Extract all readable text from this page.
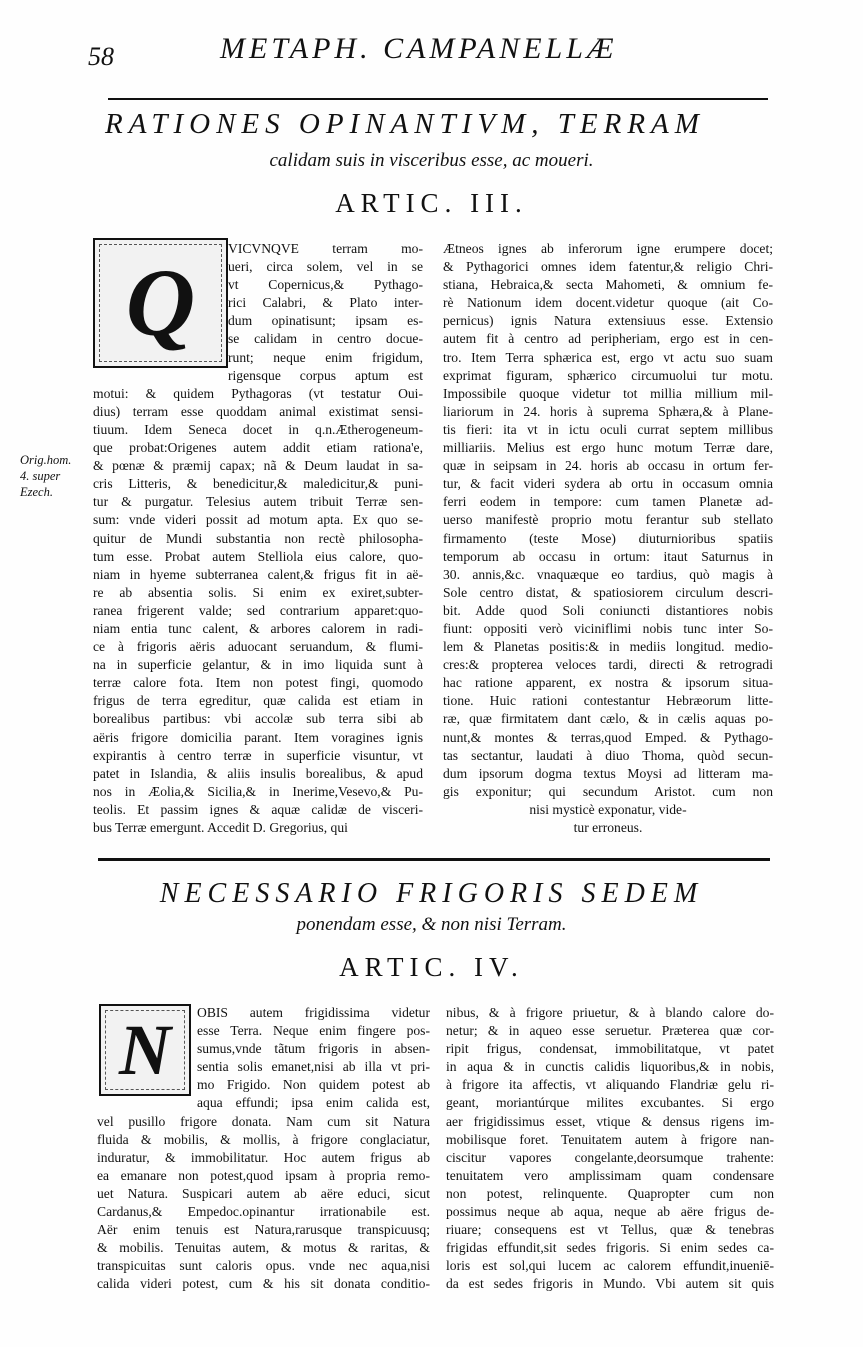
58	METAPH. CAMPANELLÆ
RATIONES OPINANTIVM, TERRAM
calidam suis in visceribus esse, ac moueri.
ARTIC. III.
Q
Orig.hom.
4. super
Ezech.
VICVNQVE terram mo-
ueri, circa solem, vel in se
vt Copernicus,& Pythago-
rici Calabri, & Plato inter-
dum opinatisunt; ipsam es-
se calidam in centro docue-
runt; neque enim frigidum,
rigensque corpus aptum est
motui: & quidem Pythagoras (vt testatur Oui-
dius) terram esse quoddam animal existimat sensi-
tiuum. Idem Seneca docet in q.n.Ætherogeneum-
que probat:Origenes autem addit etiam rationa'e,
& pœnæ & præmij capax; nã & Deum laudat in sa-
cris Litteris, & benedicitur,& maledicitur,& puni-
tur & purgatur. Telesius autem tribuit Terræ sen-
sum: vnde videri possit ad motum apta. Ex quo se-
quitur de Mundi substantia non rectè philosopha-
tum esse. Probat autem Stelliola eius calore, quo-
niam in hyeme subterranea calent,& frigus fit in aë-
re ab absentia solis. Si enim ex exiret,subter-
ranea frigerent valde; sed contrarium apparet:quo-
niam entia tunc calent, & arbores calorem in radi-
ce à frigoris aëris aduocant seruandum, & flumi-
na in superficie gelantur, & in imo liquida sunt à
terræ calore fota. Item non potest fingi, quomodo
frigus de terra egreditur, quæ calida est etiam in
borealibus partibus: vbi accolæ sub terra sibi ab
aëris frigore domicilia parant. Item voragines ignis
expirantis à centro terræ in superficie visuntur, vt
patet in Islandia, & aliis insulis borealibus, & apud
nos in Æolia,& Sicilia,& in Inerime,Vesevo,& Pu-
teolis. Et passim ignes & aquæ calidæ de visceri-
bus Terræ emergunt. Accedit D. Gregorius, qui
Ætneos ignes ab inferorum igne erumpere docet;
& Pythagorici omnes idem fatentur,& religio Chri-
stiana, Hebraica,& secta Mahometi, & omnium fe-
rè Nationum idem docent.videtur quoque (ait Co-
pernicus) ignis Natura extensiuus esse. Extensio
autem fit à centro ad peripheriam, ergo est in cen-
tro. Item Terra sphærica est, ergo vt actu suo suam
exprimat figuram, sphærico circumuolui tur motu.
Impossibile quoque videtur tot millia millium mil-
liariorum in 24. horis à suprema Sphæra,& à Plane-
tis fieri: ita vt in ictu oculi currat septem millibus
milliariis. Melius est ergo hunc motum Terræ dare,
quæ in seipsam in 24. horis ab occasu in ortum fer-
tur, & facit videri sydera ab ortu in occasum omnia
ferri eodem in tempore: cum tamen Planetæ ad-
uerso manifestè proprio motu ferantur sub stellato
firmamento (teste Mose) diuturnioribus spatiis
temporum ab occasu in ortum: itaut Saturnus in
30. annis,&c. vnaquæque eo tardius, quò magis à
Sole centro distat, & spatiosiorem circulum descri-
bit. Adde quod Soli coniuncti distantiores nobis
fiunt: oppositi verò viciniflimi nobis tunc inter So-
lem & Planetas positis:& in mediis longitud. medio-
cres:& propterea veloces tardi, directi & retrogradi
hac ratione apparent, ex nostra & ipsorum situa-
tione. Huic rationi contestantur Hebræorum litte-
ræ, quæ firmitatem dant cælo, & in cælis aquas po-
nunt,& montes & terras,quod Emped. & Pythago-
tas sectantur, laudati à diuo Thoma, quòd secun-
dum ipsorum dogma textus Moysi ad litteram ma-
gis exponitur; qui secundum Aristot. cum non
nisi mysticè exponatur, vide-
tur erroneus.
NECESSARIO FRIGORIS SEDEM
ponendam esse, & non nisi Terram.
ARTIC. IV.
N	OBIS autem frigidissima videtur
esse Terra. Neque enim fingere pos-
sumus,vnde tãtum frigoris in absen-
sentia solis emanet,nisi ab illa vt pri-
mo Frigido. Non quidem potest ab
aqua effundi; ipsa enim calida est,
vel pusillo frigore donata. Nam cum sit Natura
fluida & mobilis, & mollis, à frigore conglaciatur,
induratur, & immobilitatur. Hoc autem frigus ab
ea emanare non potest,quod ipsam à propria remo-
uet Natura. Suspicari autem ab aëre educi, sicut
Cardanus,& Empedoc.opinantur irrationabile est.
Aër enim tenuis est Natura,rarusque transpicuusq;
& mobilis. Tenuitas autem, & motus & raritas, &
transpicuitas sunt caloris opus. vnde nec aqua,nisi
calida videri potest, cum & his sit donata conditio-
nibus, & à frigore priuetur, & à blando calore do-
netur; & in aqueo esse seruetur. Præterea quæ cor-
ripit frigus, condensat, immobilitatque, vt patet
in aqua & in cunctis calidis liquoribus,& in nobis,
à frigore ita affectis, vt aliquando Flandriæ gelu ri-
geant, moriantúrque milites excubantes. Si ergo
aer frigidissimus esset, vtique & densus rigens im-
mobilisque foret. Tenuitatem autem à frigore nan-
ciscitur vapores congelante,deorsumque trahente:
tenuitatem vero amplissimam quam condensare
non potest, relinquente. Quapropter cum non
possimus neque ab aqua, neque ab aëre frigus de-
riuare; consequens est vt Tellus, quæ & tenebras
frigidas effundit,sit sedes frigoris. Si enim sedes ca-
loris est sol,qui lucem ac calorem effundit,inueniē-
da est sedes frigoris in Mundo. Vbi autem sit quis
